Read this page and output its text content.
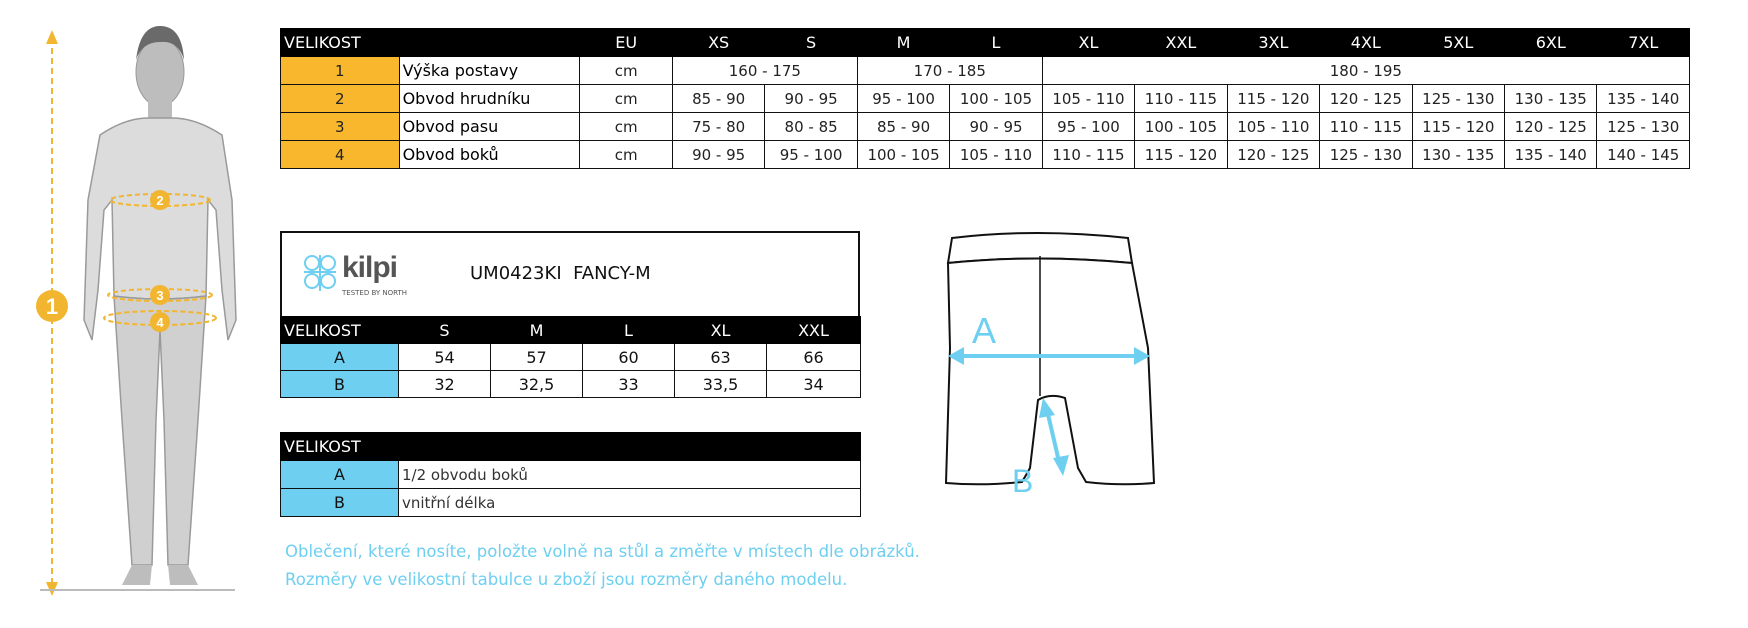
1
2
3
4
VELIKOST		EU	XS	S	M	L	XL	XXL	3XL	4XL	5XL	6XL	7XL
1	Výška postavy	cm	160 - 175		170 - 185		180 - 195						
2	Obvod hrudníku	cm	85 - 90	90 - 95	95 - 100	100 - 105	105 - 110	110 - 115	115 - 120	120 - 125	125 - 130	130 - 135	135 - 140
3	Obvod pasu	cm	75 - 80	80 - 85	85 - 90	90 - 95	95 - 100	100 - 105	105 - 110	110 - 115	115 - 120	120 - 125	125 - 130
4	Obvod boků	cm	90 - 95	95 - 100	100 - 105	105 - 110	110 - 115	115 - 120	120 - 125	125 - 130	130 - 135	135 - 140	140 - 145
kilpi
TESTED BY NORTH
UM0423KI  FANCY-M
VELIKOST	S	M	L	XL	XXL
A	54	57	60	63	66
B	32	32,5	33	33,5	34
VELIKOST	
A	1/2 obvodu boků
B	vnitřní délka
A
B
Oblečení, které nosíte, položte volně na stůl a změřte v místech dle obrázků.
Rozměry ve velikostní tabulce u zboží jsou rozměry daného modelu.
